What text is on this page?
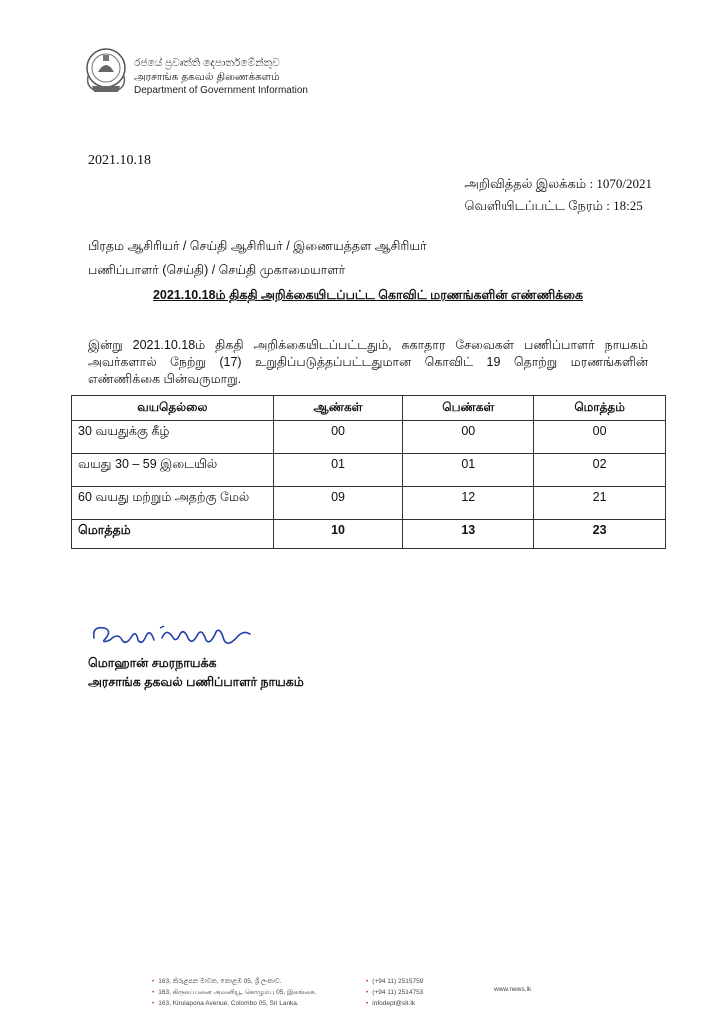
රජයේ ප්‍රවෘත්ති දෙපාර්තමේන්තුව
அரசாங்க தகவல் திணைக்களம்
Department of Government Information
2021.10.18
அறிவித்தல் இலக்கம் :
1070/2021
வெளியிடப்பட்ட நேரம் :
18:25
பிரதம ஆசிரியர் / செய்தி ஆசிரியர் / இணையத்தள ஆசிரியர்
பணிப்பாளர் (செய்தி) / செய்தி முகாமையாளர்
2021.10.18ம் திகதி அறிக்கையிடப்பட்ட கொவிட் மரணங்களின் எண்ணிக்கை
இன்று 2021.10.18ம் திகதி அறிக்கையிடப்பட்டதும், சுகாதார சேவைகள் பணிப்பாளர் நாயகம் அவர்களால் நேற்று (17) உறுதிப்படுத்தப்பட்டதுமான கொவிட் 19 தொற்று மரணங்களின் எண்ணிக்கை பின்வருமாறு.
வயதெல்லை	ஆண்கள்	பெண்கள்	மொத்தம்
30 வயதுக்கு கீழ்	00	00	00
வயது 30 – 59 இடையில்	01	01	02
60 வயது மற்றும் அதற்கு மேல்	09	12	21
மொத்தம்	10	13	23
மொஹான் சமரநாயக்க
அரசாங்க தகவல் பணிப்பாளர் நாயகம்
• 163, කිරුළපන මාවත, කොළඹ 05, ශ්‍රී ලංකාව.
• 163, கிருலப்பனை அவனியூ, கொழும்பு 05, இலங்கை.
• 163, Kirulapona Avenue, Colombo 05, Sri Lanka.
• (+94 11) 2515759
• (+94 11) 2514753
• infodept@slt.lk
www.news.lk
